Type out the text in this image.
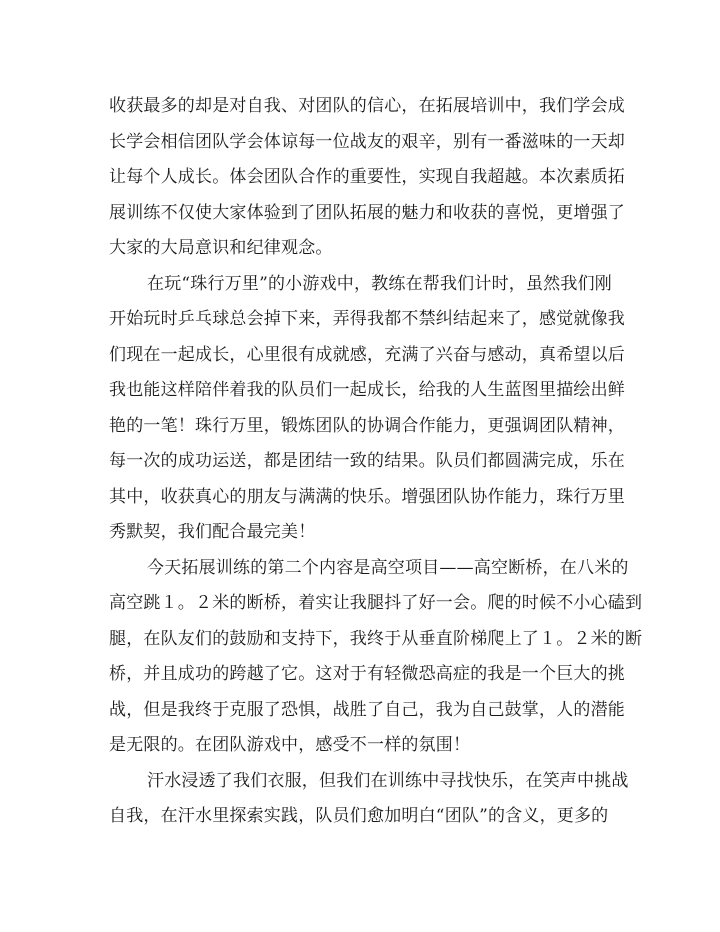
收获最多的却是对自我、对团队的信心，在拓展培训中，我们学会成
长学会相信团队学会体谅每一位战友的艰辛，别有一番滋味的一天却
让每个人成长。体会团队合作的重要性，实现自我超越。本次素质拓
展训练不仅使大家体验到了团队拓展的魅力和收获的喜悦，更增强了
大家的大局意识和纪律观念。
在玩“珠行万里”的小游戏中，教练在帮我们计时，虽然我们刚
开始玩时乒乓球总会掉下来，弄得我都不禁纠结起来了，感觉就像我
们现在一起成长，心里很有成就感，充满了兴奋与感动，真希望以后
我也能这样陪伴着我的队员们一起成长，给我的人生蓝图里描绘出鲜
艳的一笔！珠行万里，锻炼团队的协调合作能力，更强调团队精神，
每一次的成功运送，都是团结一致的结果。队员们都圆满完成，乐在
其中，收获真心的朋友与满满的快乐。增强团队协作能力，珠行万里
秀默契，我们配合最完美！
今天拓展训练的第二个内容是高空项目——高空断桥，在八米的
高空跳１。２米的断桥，着实让我腿抖了好一会。爬的时候不小心磕到
腿，在队友们的鼓励和支持下，我终于从垂直阶梯爬上了１。２米的断
桥，并且成功的跨越了它。这对于有轻微恐高症的我是一个巨大的挑
战，但是我终于克服了恐惧，战胜了自己，我为自己鼓掌，人的潜能
是无限的。在团队游戏中，感受不一样的氛围！
汗水浸透了我们衣服，但我们在训练中寻找快乐，在笑声中挑战
自我，在汗水里探索实践，队员们愈加明白“团队”的含义，更多的
